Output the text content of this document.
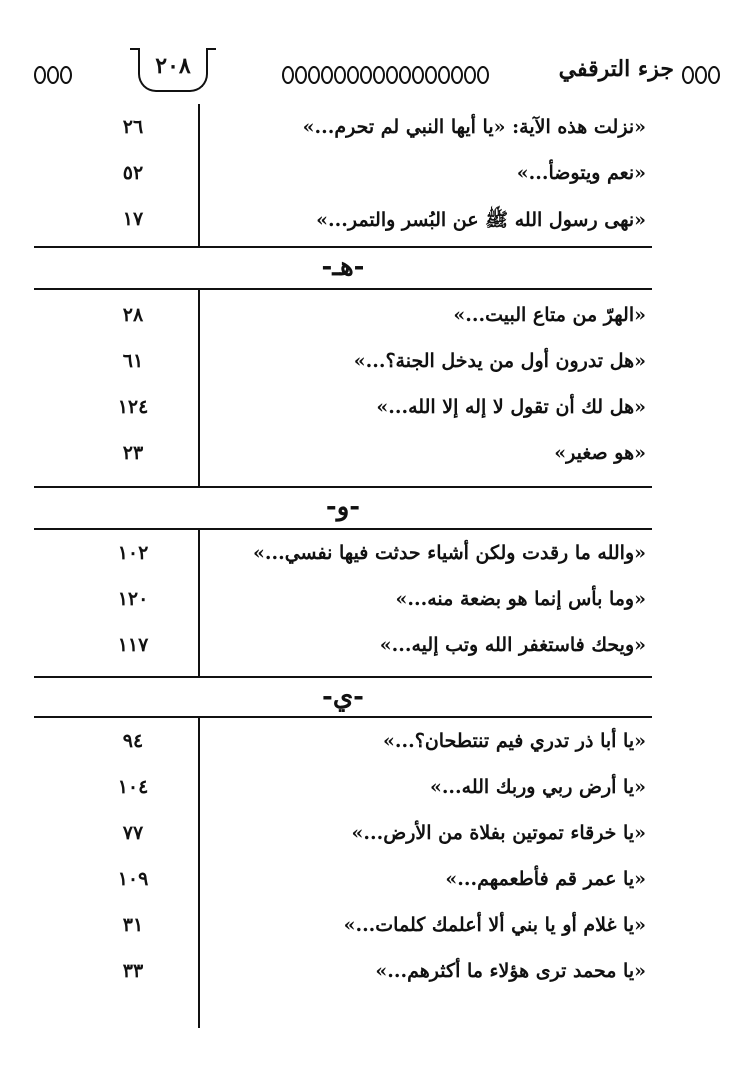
٢٠٨	جزء الترقفي
٢٦	«نزلت هذه الآية: «يا أيها النبي لم تحرم...»
٥٢	«نعم ويتوضأ...»
١٧	«نهى رسول الله ﷺ عن البُسر والتمر...»
-هـ-
٢٨	«الهرّ من متاع البيت...»
٦١	«هل تدرون أول من يدخل الجنة؟...»
١٢٤	«هل لك أن تقول لا إله إلا الله...»
٢٣	«هو صغير»
-و-
١٠٢	«والله ما رقدت ولكن أشياء حدثت فيها نفسي...»
١٢٠	«وما بأس إنما هو بضعة منه...»
١١٧	«ويحك فاستغفر الله وتب إليه...»
-ي-
٩٤	«يا أبا ذر تدري فيم تنتطحان؟...»
١٠٤	«يا أرض ربي وربك الله...»
٧٧	«يا خرقاء تموتين بفلاة من الأرض...»
١٠٩	«يا عمر قم فأطعمهم...»
٣١	«يا غلام أو يا بني ألا أعلمك كلمات...»
٣٣	«يا محمد ترى هؤلاء ما أكثرهم...»
